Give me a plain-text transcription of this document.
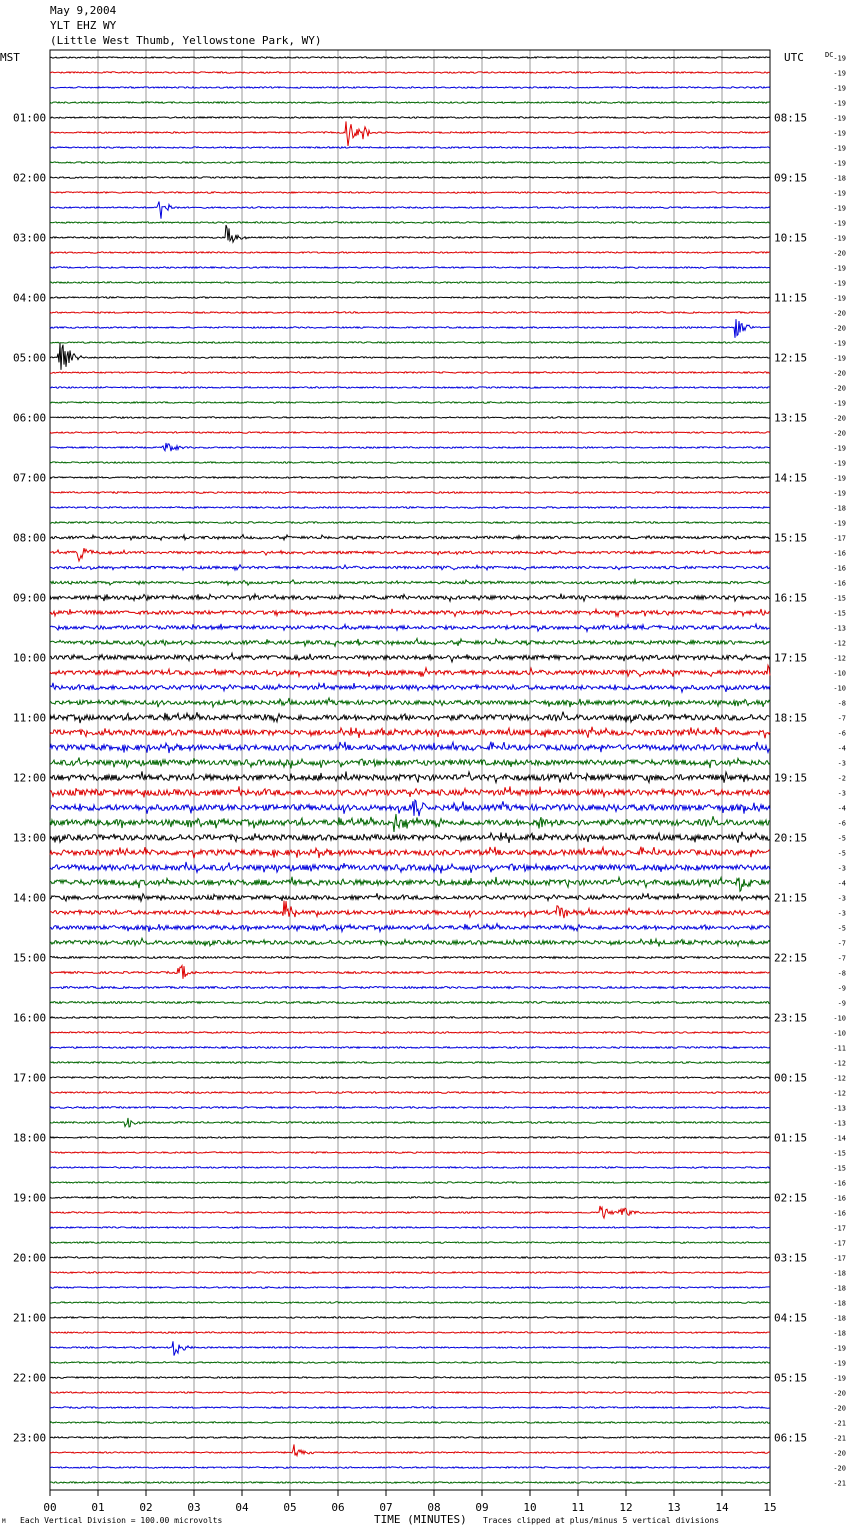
May 9,2004
YLT EHZ WY
(Little West Thumb, Yellowstone Park, WY)
MST	UTC	DC
M Each Vertical Division = 100.00 microvolts	TIME (MINUTES) Traces clipped at plus/minus 5 vertical divisions
00	01	02	03	04	05	06	07	08	09	10	11	12	13	14	15
-19
-19
-19
-19
-19
-19
-19
-19
-18
-19
-19
-19
-19
-20
-19
-19
-19
-20
-20
-19
-19
-20
-20
-19
-20
-20
-19
-19
-19
-19
-18
-19
-17
-16
-16
-16
-15
-15
-13
-12
-12
-10
-10
-8
-7
-6
-4
-3
-2
-3
-4
-6
-5
-5
-3
-4
-3
-3
-5
-7
-7
-8
-9
-9
-10
-10
-11
-12
-12
-12
-13
-13
-14
-15
-15
-16
-16
-16
-17
-17
-17
-18
-18
-18
-18
-18
-19
-19
-19
-20
-20
-21
-21
-20
-20
-21
01:00
02:00
03:00
04:00
05:00
06:00
07:00
08:00
09:00
10:00
11:00
12:00
13:00
14:00
15:00
16:00
17:00
18:00
19:00
20:00
21:00
22:00
23:00
08:15
09:15
10:15
11:15
12:15
13:15
14:15
15:15
16:15
17:15
18:15
19:15
20:15
21:15
22:15
23:15
00:15
01:15
02:15
03:15
04:15
05:15
06:15
